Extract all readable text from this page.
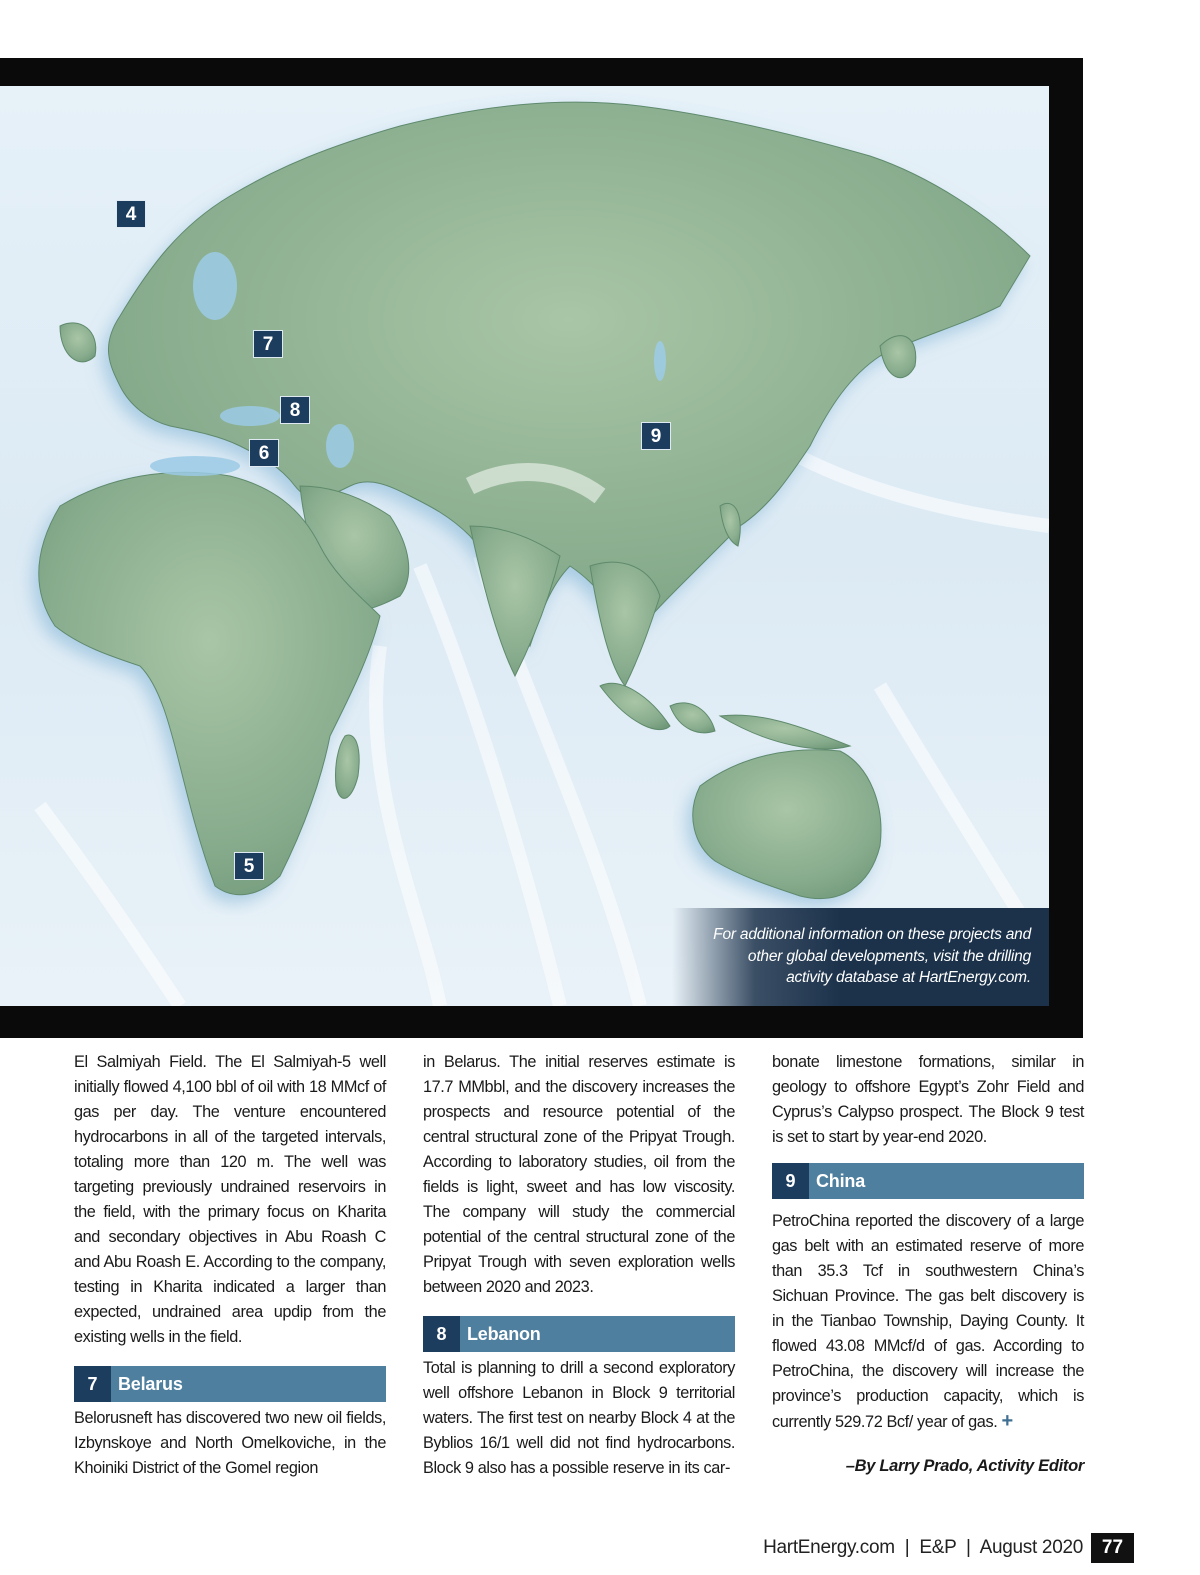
4
7
8
6
9
5

For additional information on these projects and other global developments, visit the drilling activity database at HartEnergy.com.

El Salmiyah Field. The El Salmiyah-5 well initially flowed 4,100 bbl of oil with 18 MMcf of gas per day. The venture encountered hydrocarbons in all of the targeted intervals, totaling more than 120 m. The well was targeting previously undrained reservoirs in the field, with the primary focus on Kharita and secondary objectives in Abu Roash C and Abu Roash E. According to the company, testing in Kharita indicated a larger than expected, undrained area updip from the existing wells in the field.

7	Belarus

Belorusneft has discovered two new oil fields, Izbynskoye and North Omelkoviche, in the Khoiniki District of the Gomel region

in Belarus. The initial reserves estimate is 17.7 MMbbl, and the discovery increases the prospects and resource potential of the central structural zone of the Pripyat Trough. According to laboratory studies, oil from the fields is light, sweet and has low viscosity. The company will study the commercial potential of the central structural zone of the Pripyat Trough with seven exploration wells between 2020 and 2023.

8	Lebanon

Total is planning to drill a second exploratory well offshore Lebanon in Block 9 territorial waters. The first test on nearby Block 4 at the Byblios 16/1 well did not find hydrocarbons. Block 9 also has a possible reserve in its car-

bonate limestone formations, similar in geology to offshore Egypt’s Zohr Field and Cyprus’s Calypso prospect. The Block 9 test is set to start by year-end 2020.

9	China

PetroChina reported the discovery of a large gas belt with an estimated reserve of more than 35.3 Tcf in southwestern China’s Sichuan Province. The gas belt discovery is in the Tianbao Township, Daying County. It flowed 43.08 MMcf/d of gas. According to PetroChina, the discovery will increase the province’s production capacity, which is currently 529.72 Bcf/ year of gas. +

–By Larry Prado, Activity Editor
HartEnergy.com  |  E&P  |  August 2020 77
